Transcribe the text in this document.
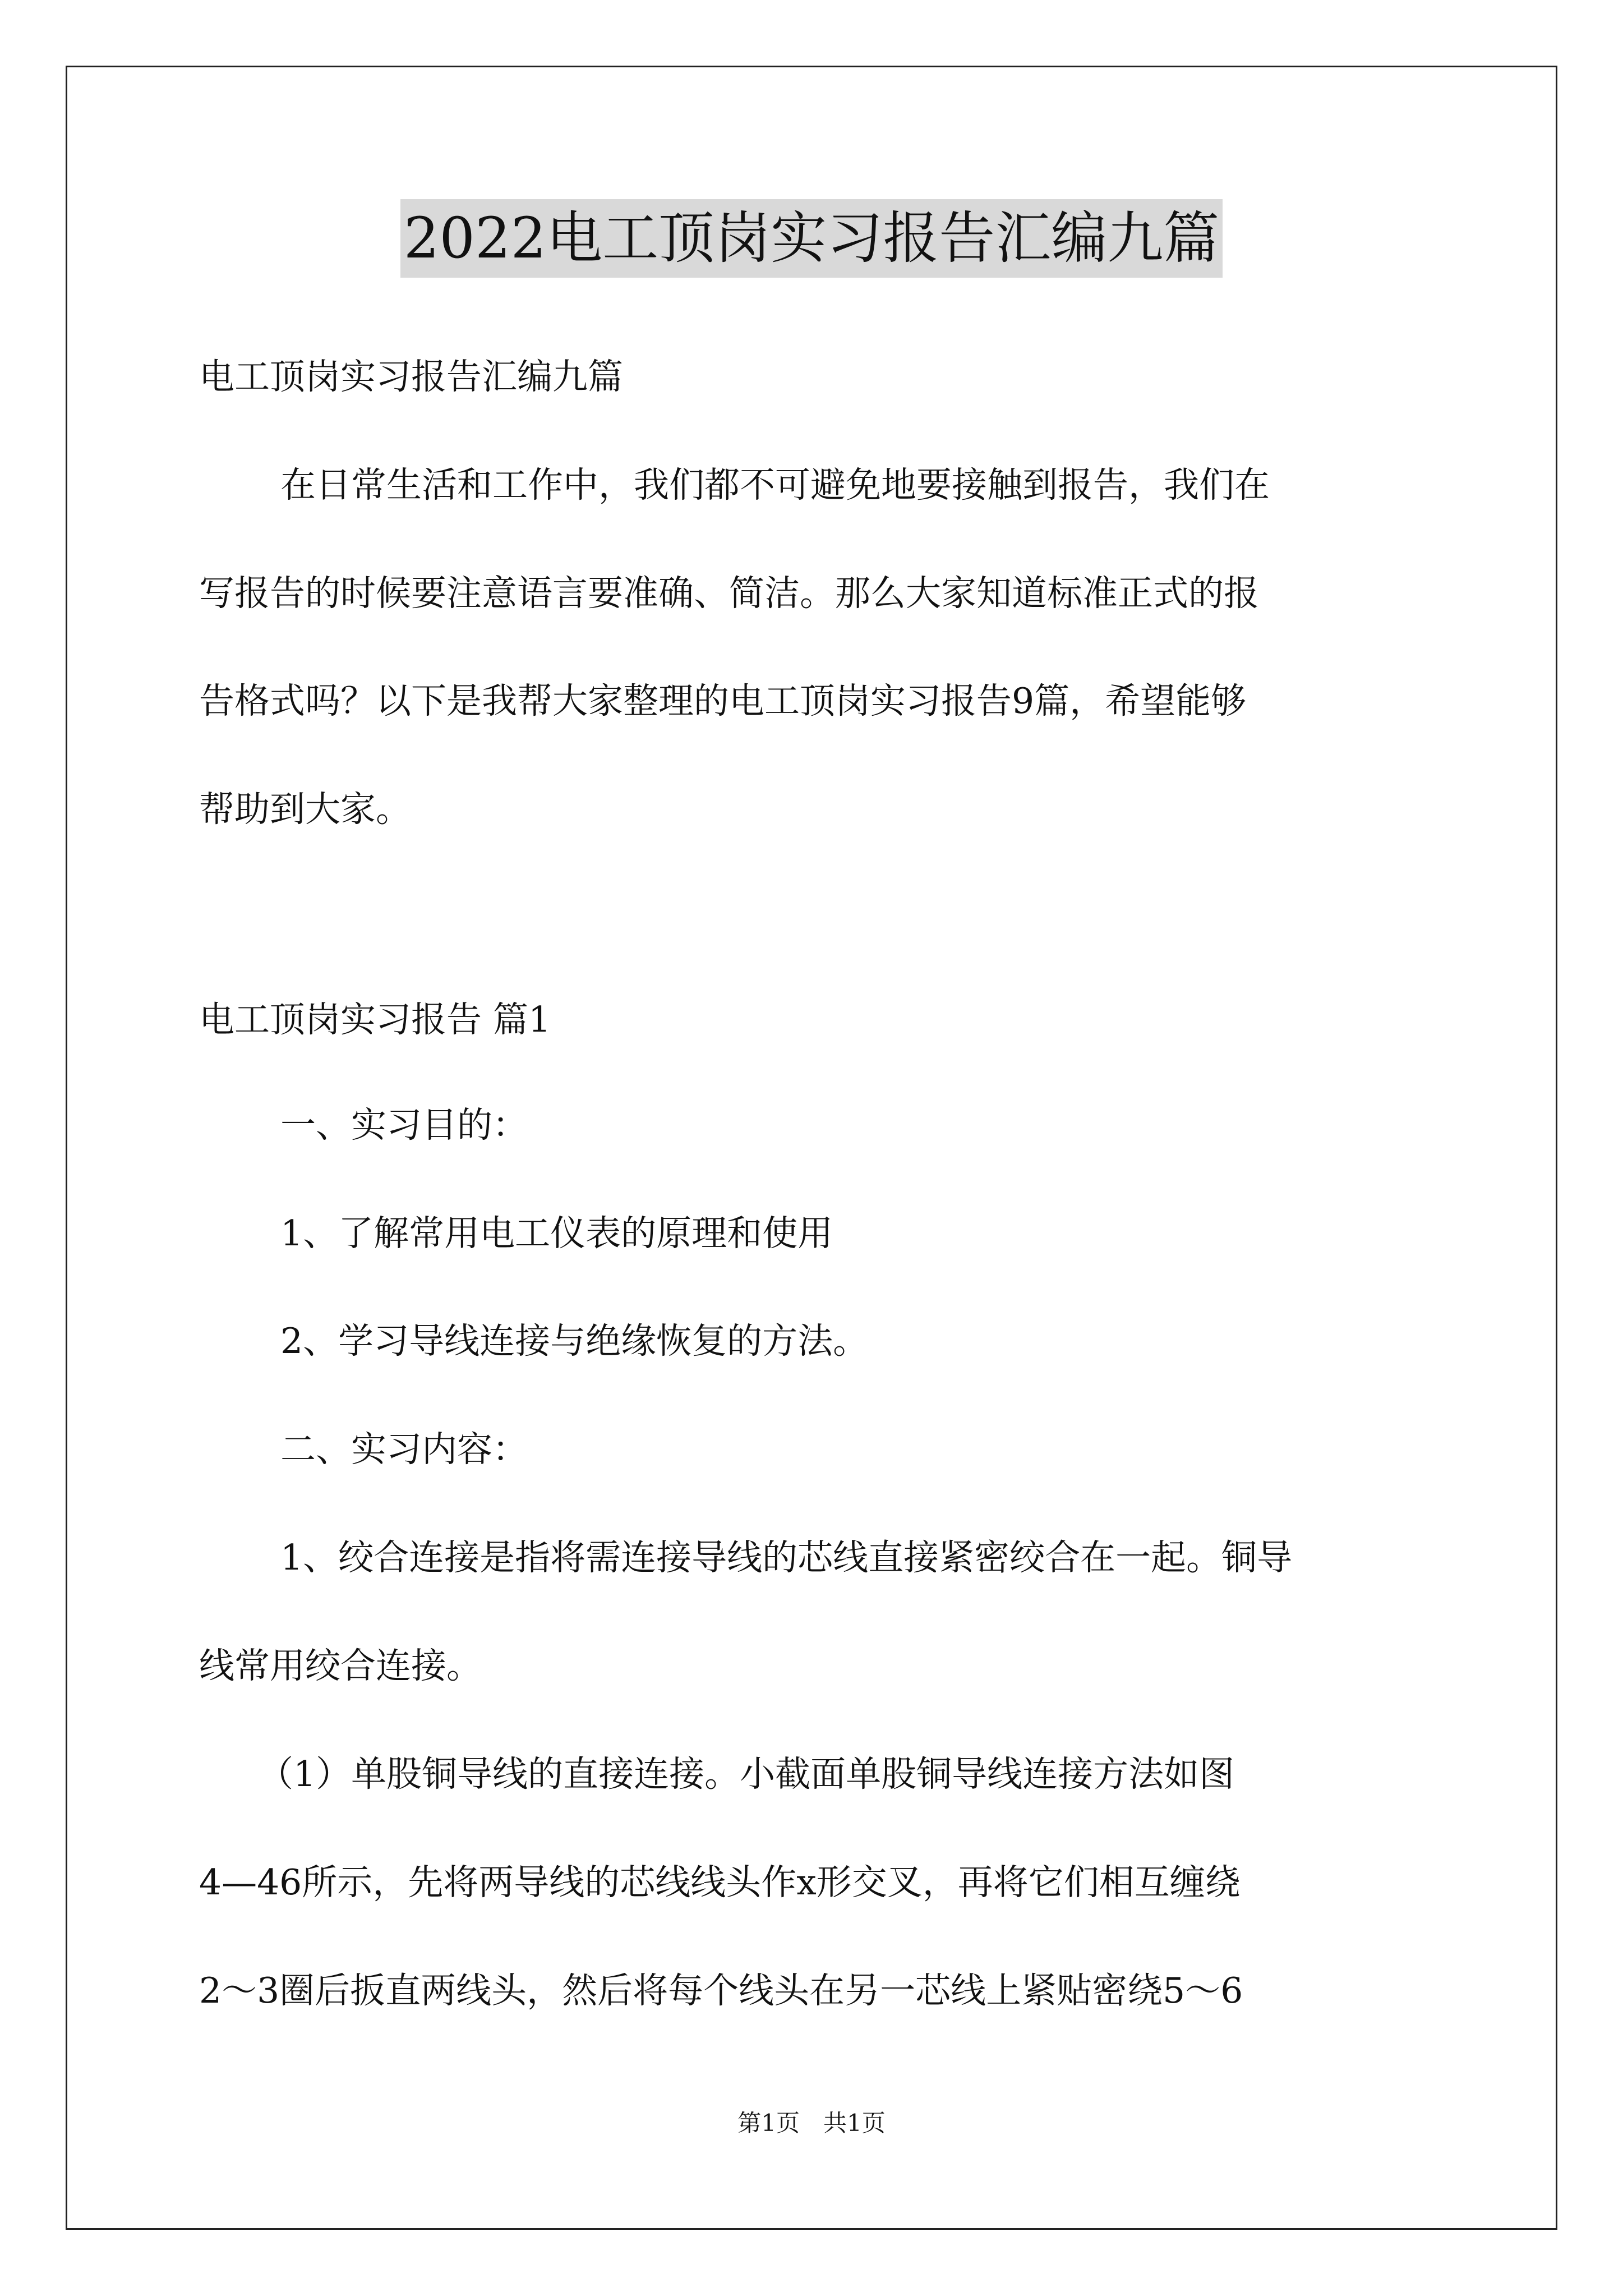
2022电工顶岗实习报告汇编九篇
电工顶岗实习报告汇编九篇
在日常生活和工作中，我们都不可避免地要接触到报告，我们在
写报告的时候要注意语言要准确、简洁。那么大家知道标准正式的报
告格式吗？以下是我帮大家整理的电工顶岗实习报告9篇，希望能够
帮助到大家。
电工顶岗实习报告 篇1
一、实习目的：
1、了解常用电工仪表的原理和使用
2、学习导线连接与绝缘恢复的方法。
二、实习内容：
1、绞合连接是指将需连接导线的芯线直接紧密绞合在一起。铜导
线常用绞合连接。
（1）单股铜导线的直接连接。小截面单股铜导线连接方法如图
4—46所示，先将两导线的芯线线头作x形交叉，再将它们相互缠绕
2～3圈后扳直两线头，然后将每个线头在另一芯线上紧贴密绕5～6
第1页　共1页
